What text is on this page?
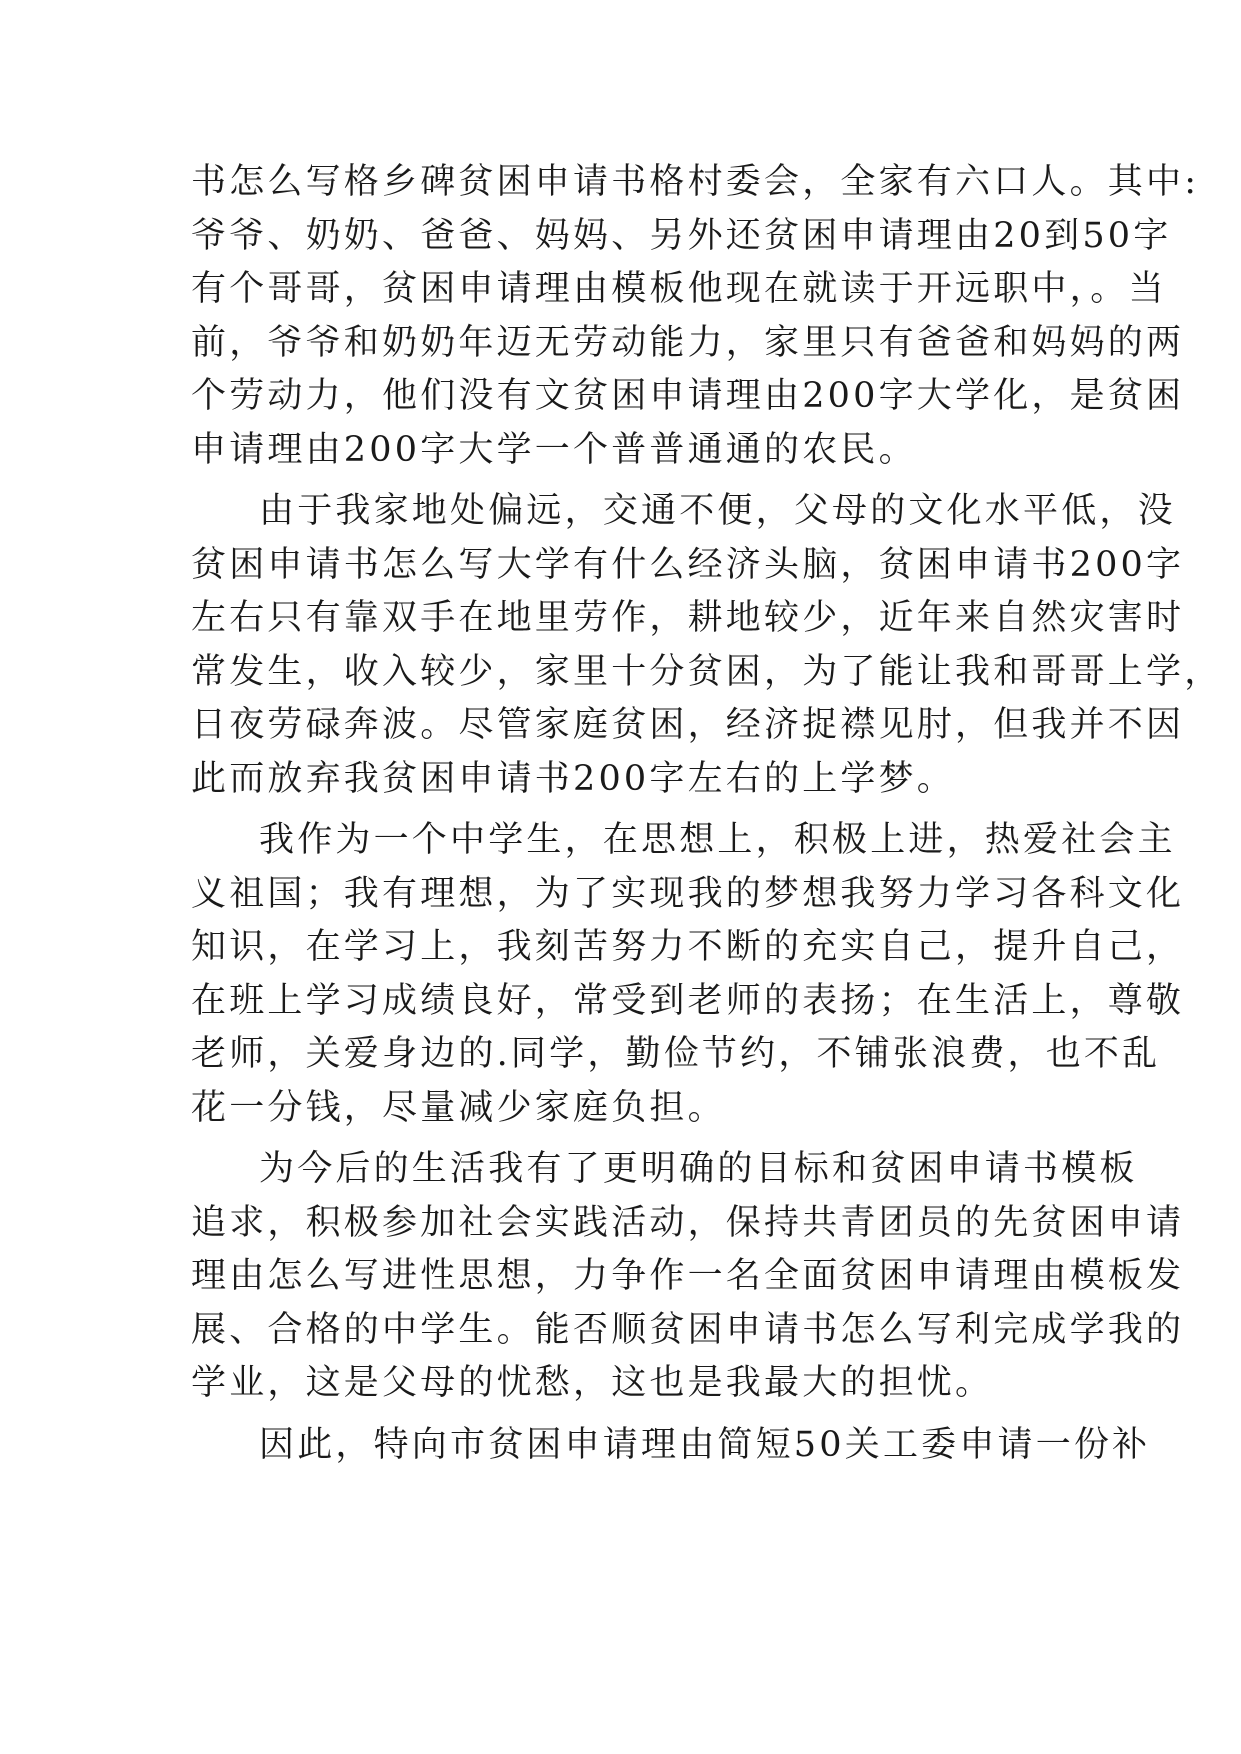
书怎么写格乡碑贫困申请书格村委会，全家有六口人。其中:
爷爷、奶奶、爸爸、妈妈、另外还贫困申请理由20到50字
有个哥哥，贫困申请理由模板他现在就读于开远职中，。当
前，爷爷和奶奶年迈无劳动能力，家里只有爸爸和妈妈的两
个劳动力，他们没有文贫困申请理由200字大学化，是贫困
申请理由200字大学一个普普通通的农民。
由于我家地处偏远，交通不便，父母的文化水平低，没
贫困申请书怎么写大学有什么经济头脑，贫困申请书200字
左右只有靠双手在地里劳作，耕地较少，近年来自然灾害时
常发生，收入较少，家里十分贫困，为了能让我和哥哥上学，
日夜劳碌奔波。尽管家庭贫困，经济捉襟见肘，但我并不因
此而放弃我贫困申请书200字左右的上学梦。
我作为一个中学生，在思想上，积极上进，热爱社会主
义祖国；我有理想，为了实现我的梦想我努力学习各科文化
知识，在学习上，我刻苦努力不断的充实自己，提升自己，
在班上学习成绩良好，常受到老师的表扬；在生活上，尊敬
老师，关爱身边的.同学，勤俭节约，不铺张浪费，也不乱
花一分钱，尽量减少家庭负担。
为今后的生活我有了更明确的目标和贫困申请书模板
追求，积极参加社会实践活动，保持共青团员的先贫困申请
理由怎么写进性思想，力争作一名全面贫困申请理由模板发
展、合格的中学生。能否顺贫困申请书怎么写利完成学我的
学业，这是父母的忧愁，这也是我最大的担忧。
因此，特向市贫困申请理由简短50关工委申请一份补
